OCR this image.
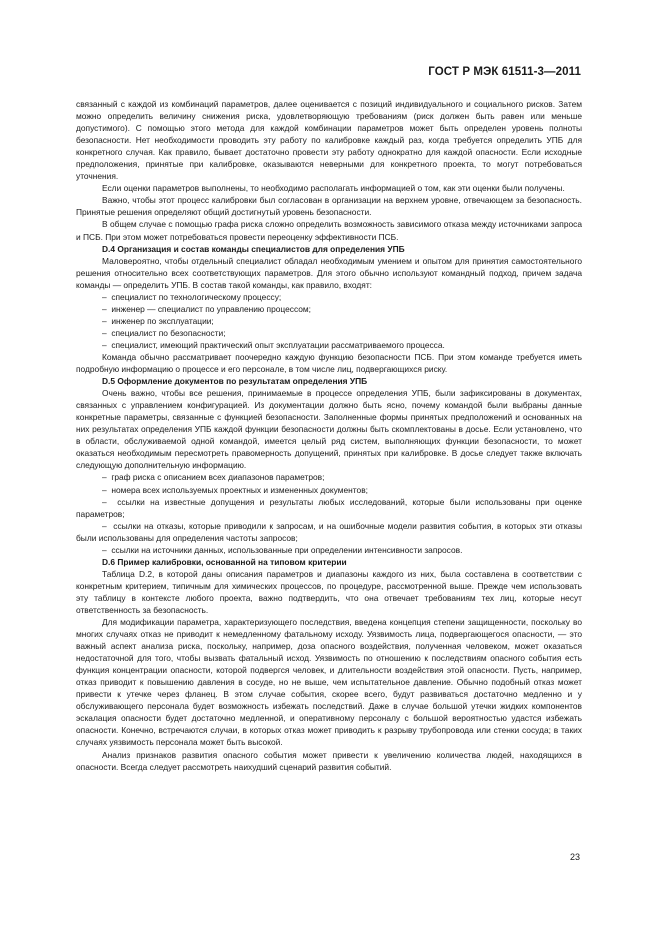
ГОСТ Р МЭК 61511-3—2011

связанный с каждой из комбинаций параметров, далее оценивается с позиций индивидуального и социального рисков. Затем можно определить величину снижения риска, удовлетворяющую требованиям (риск должен быть равен или меньше допустимого). С помощью этого метода для каждой комбинации параметров может быть определен уровень полноты безопасности. Нет необходимости проводить эту работу по калибровке каждый раз, когда требуется определить УПБ для конкретного случая. Как правило, бывает достаточно провести эту работу однократно для каждой опасности. Если исходные предположения, принятые при калибровке, оказываются неверными для конкретного проекта, то могут потребоваться уточнения.

Если оценки параметров выполнены, то необходимо располагать информацией о том, как эти оценки были получены.

Важно, чтобы этот процесс калибровки был согласован в организации на верхнем уровне, отвечающем за безопасность. Принятые решения определяют общий достигнутый уровень безопасности.

В общем случае с помощью графа риска сложно определить возможность зависимого отказа между источниками запроса и ПСБ. При этом может потребоваться провести переоценку эффективности ПСБ.

D.4 Организация и состав команды специалистов для определения УПБ

Маловероятно, чтобы отдельный специалист обладал необходимым умением и опытом для принятия самостоятельного решения относительно всех соответствующих параметров. Для этого обычно используют командный подход, причем задача команды — определить УПБ. В состав такой команды, как правило, входят:

–  специалист по технологическому процессу;
–  инженер — специалист по управлению процессом;
–  инженер по эксплуатации;
–  специалист по безопасности;
–  специалист, имеющий практический опыт эксплуатации рассматриваемого процесса.

Команда обычно рассматривает поочередно каждую функцию безопасности ПСБ. При этом команде требуется иметь подробную информацию о процессе и его персонале, в том числе лиц, подвергающихся риску.

D.5 Оформление документов по результатам определения УПБ

Очень важно, чтобы все решения, принимаемые в процессе определения УПБ, были зафиксированы в документах, связанных с управлением конфигурацией. Из документации должно быть ясно, почему командой были выбраны данные конкретные параметры, связанные с функцией безопасности. Заполненные формы принятых предположений и основанных на них результатах определения УПБ каждой функции безопасности должны быть скомплектованы в досье. Если установлено, что в области, обслуживаемой одной командой, имеется целый ряд систем, выполняющих функции безопасности, то может оказаться необходимым пересмотреть правомерность допущений, принятых при калибровке. В досье следует также включать следующую дополнительную информацию.

–  граф риска с описанием всех диапазонов параметров;
–  номера всех используемых проектных и измененных документов;
–  ссылки на известные допущения и результаты любых исследований, которые были использованы при оценке параметров;
–  ссылки на отказы, которые приводили к запросам, и на ошибочные модели развития события, в которых эти отказы были использованы для определения частоты запросов;
–  ссылки на источники данных, использованные при определении интенсивности запросов.

D.6 Пример калибровки, основанной на типовом критерии

Таблица D.2, в которой даны описания параметров и диапазоны каждого из них, была составлена в соответствии с конкретным критерием, типичным для химических процессов, по процедуре, рассмотренной выше. Прежде чем использовать эту таблицу в контексте любого проекта, важно подтвердить, что она отвечает требованиям тех лиц, которые несут ответственность за безопасность.

Для модификации параметра, характеризующего последствия, введена концепция степени защищенности, поскольку во многих случаях отказ не приводит к немедленному фатальному исходу. Уязвимость лица, подвергающегося опасности, — это важный аспект анализа риска, поскольку, например, доза опасного воздействия, полученная человеком, может оказаться недостаточной для того, чтобы вызвать фатальный исход. Уязвимость по отношению к последствиям опасного события есть функция концентрации опасности, которой подвергся человек, и длительности воздействия этой опасности. Пусть, например, отказ приводит к повышению давления в сосуде, но не выше, чем испытательное давление. Обычно подобный отказ может привести к утечке через фланец. В этом случае события, скорее всего, будут развиваться достаточно медленно и у обслуживающего персонала будет возможность избежать последствий. Даже в случае большой утечки жидких компонентов эскалация опасности будет достаточно медленной, и оперативному персоналу с большой вероятностью удастся избежать опасности. Конечно, встречаются случаи, в которых отказ может приводить к разрыву трубопровода или стенки сосуда; в таких случаях уязвимость персонала может быть высокой.

Анализ признаков развития опасного события может привести к увеличению количества людей, находящихся в опасности. Всегда следует рассмотреть наихудший сценарий развития событий.

23
